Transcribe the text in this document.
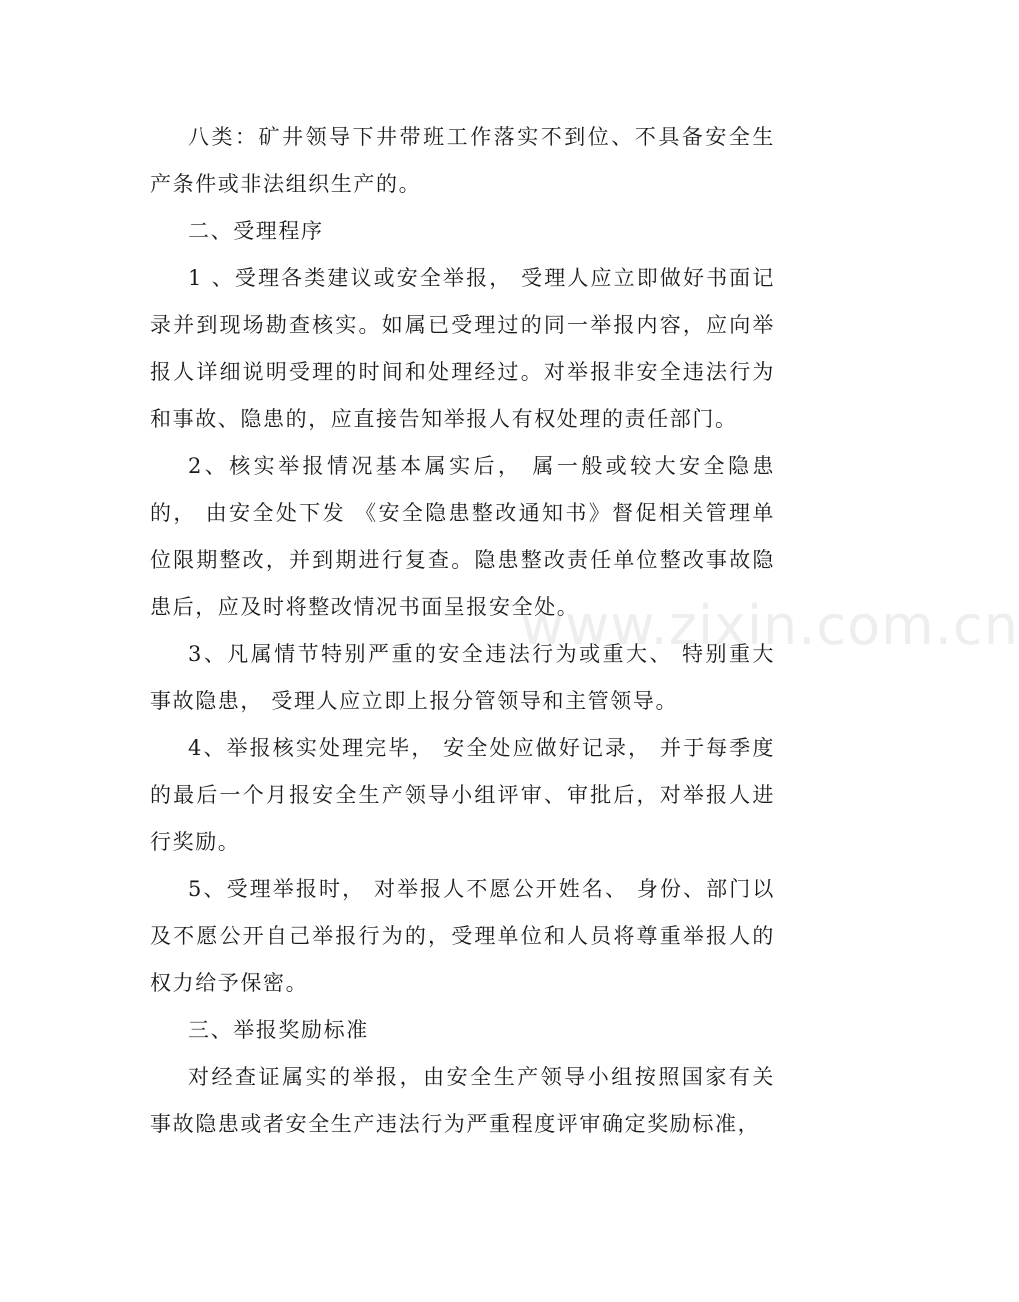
八类：矿井领导下井带班工作落实不到位、不具备安全生产条件或非法组织生产的。

二、受理程序

1 、受理各类建议或安全举报， 受理人应立即做好书面记录并到现场勘查核实。如属已受理过的同一举报内容，应向举报人详细说明受理的时间和处理经过。对举报非安全违法行为和事故、隐患的，应直接告知举报人有权处理的责任部门。

2、核实举报情况基本属实后， 属一般或较大安全隐患的， 由安全处下发 《安全隐患整改通知书》督促相关管理单位限期整改，并到期进行复查。隐患整改责任单位整改事故隐患后，应及时将整改情况书面呈报安全处。

3、凡属情节特别严重的安全违法行为或重大、 特别重大事故隐患， 受理人应立即上报分管领导和主管领导。

4、举报核实处理完毕， 安全处应做好记录， 并于每季度的最后一个月报安全生产领导小组评审、审批后，对举报人进行奖励。

5、受理举报时， 对举报人不愿公开姓名、 身份、部门以及不愿公开自己举报行为的，受理单位和人员将尊重举报人的权力给予保密。

三、举报奖励标准

对经查证属实的举报，由安全生产领导小组按照国家有关事故隐患或者安全生产违法行为严重程度评审确定奖励标准，

www.zixin.com.cn
